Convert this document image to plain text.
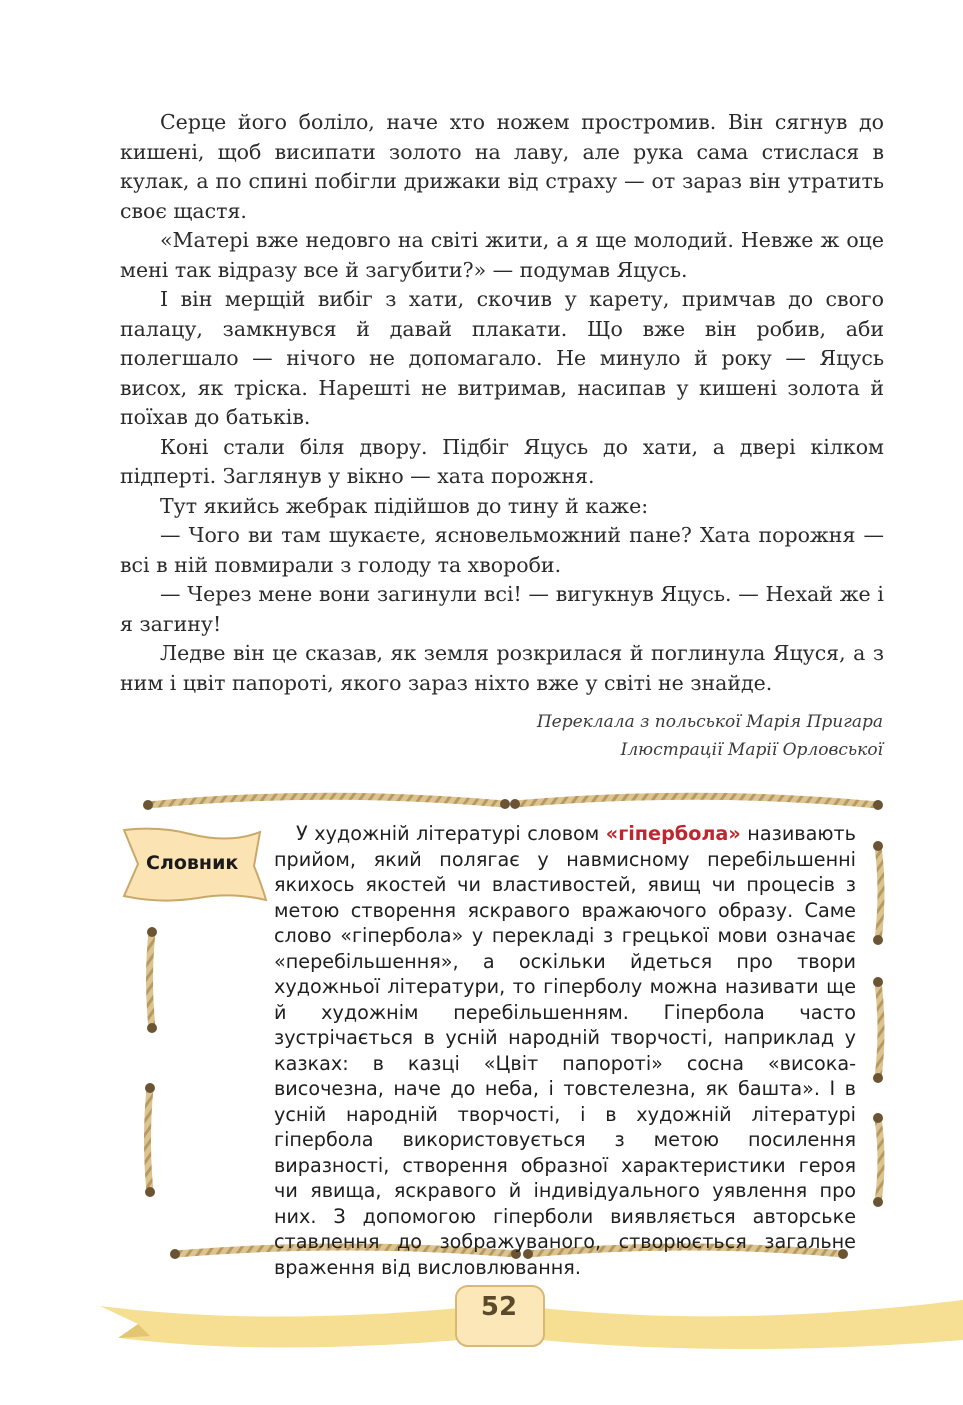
Серце його боліло, наче хто ножем простромив. Він сягнув до кишені, щоб висипати золото на лаву, але рука сама стислася в кулак, а по спині побігли дрижаки від страху — от зараз він утратить своє щастя.

«Матері вже недовго на світі жити, а я ще молодий. Невже ж оце мені так відразу все й загубити?» — подумав Яцусь.

І він мерщій вибіг з хати, скочив у карету, примчав до свого палацу, замкнувся й давай плакати. Що вже він робив, аби полегшало — нічого не допомагало. Не минуло й року — Яцусь висох, як тріска. Нарешті не витримав, насипав у кишені золота й поїхав до батьків.

Коні стали біля двору. Підбіг Яцусь до хати, а двері кілком підперті. Заглянув у вікно — хата порожня.

Тут якийсь жебрак підійшов до тину й каже:

— Чого ви там шукаєте, ясновельможний пане? Хата порожня — всі в ній повмирали з голоду та хвороби.

— Через мене вони загинули всі! — вигукнув Яцусь. — Нехай же і я загину!

Ледве він це сказав, як земля розкрилася й поглинула Яцуся, а з ним і цвіт папороті, якого зараз ніхто вже у світі не знайде.

Переклала з польської Марія Пригара
Ілюстрації Марії Орловської
Словник
У художній літературі словом «гіпербола» називають прийом, який полягає у навмисному перебільшенні якихось якостей чи властивостей, явищ чи процесів з метою створення яскравого вражаючого образу. Саме слово «гіпербола» у перекладі з грецької мови означає «перебільшення», а оскільки йдеться про твори художньої літератури, то гіперболу можна називати ще й художнім перебільшенням. Гіпербола часто зустрічається в усній народній творчості, наприклад у казках: в казці «Цвіт папороті» сосна «висока-височезна, наче до неба, і товстелезна, як башта». І в усній народній творчості, і в художній літературі гіпербола використовується з метою посилення виразності, створення образної характеристики героя чи явища, яскравого й індивідуального уявлення про них. З допомогою гіперболи виявляється авторське ставлення до зображуваного, створюється загальне враження від висловлювання.
52
